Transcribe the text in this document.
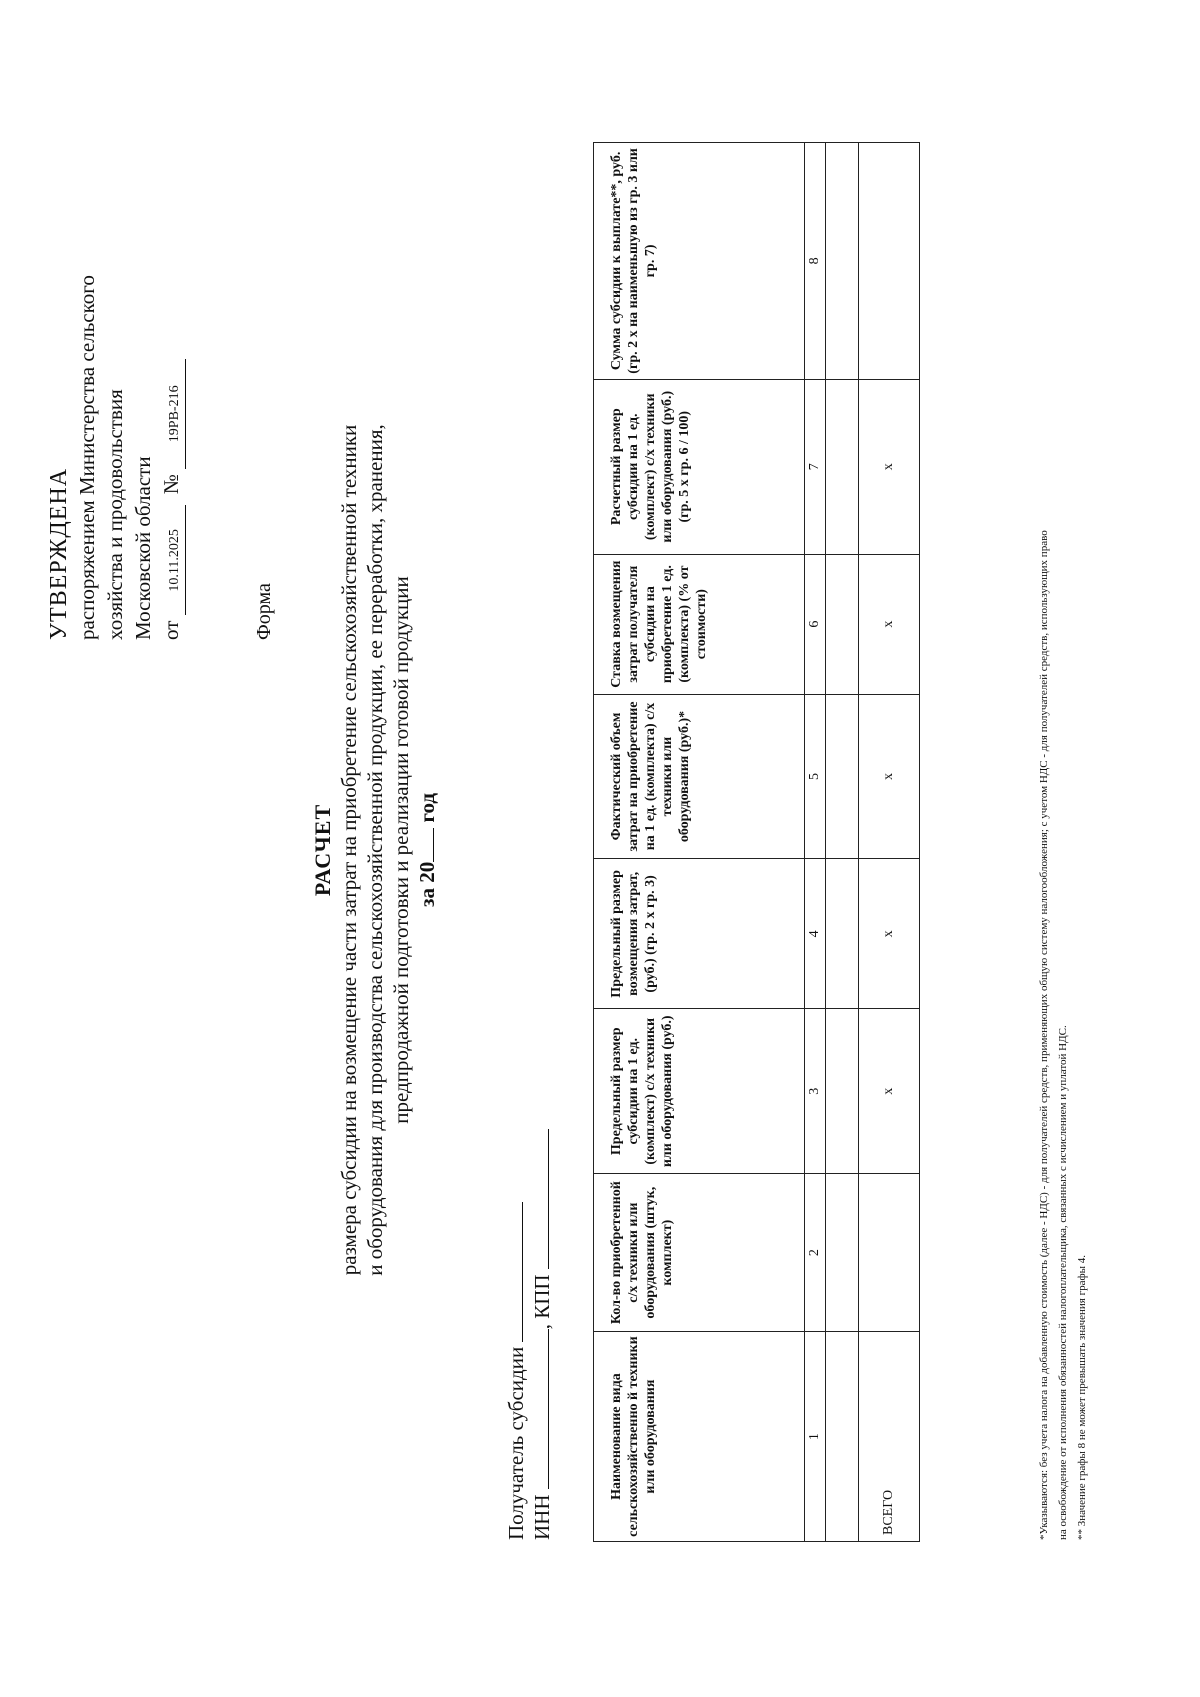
УТВЕРЖДЕНА распоряжением Министерства сельского хозяйства и продовольствия Московской области от 10.11.2025 № 19РВ-216
Форма
РАСЧЕТ размера субсидии на возмещение части затрат на приобретение сельскохозяйственной техники и оборудования для производства сельскохозяйственной продукции, ее переработки, хранения, предпродажной подготовки и реализации готовой продукции за 20 год
Получатель субсидии ИНН , КПП
Наименование вида сельскохозяйственно й техники или оборудования	Кол-во приобретенной с/х техники или оборудования (штук, комплект)	Предельный размер субсидии на 1 ед. (комплект) с/х техники или оборудования (руб.)	Предельный размер возмещения затрат, (руб.) (гр. 2 х гр. 3)	Фактический объем затрат на приобретение на 1 ед. (комплекта) с/х техники или оборудования (руб.)*	Ставка возмещения затрат получателя субсидии на приобретение 1 ед. (комплекта) (% от стоимости)	Расчетный размер субсидии на 1 ед. (комплект) с/х техники или оборудования (руб.) (гр. 5 х гр. 6 / 100)	Сумма субсидии к выплате**, руб. (гр. 2 х на наименьшую из гр. 3 или гр. 7)
1	2	3	4	5	6	7	8

ВСЕГО		х	х	х	х	х	
*Указываются: без учета налога на добавленную стоимость (далее - НДС) - для получателей средств, применяющих общую систему налогообложения; с учетом НДС - для получателей средств, использующих право на освобождение от исполнения обязанностей налогоплательщика, связанных с исчислением и уплатой НДС. ** Значение графы 8 не может превышать значения графы 4.
